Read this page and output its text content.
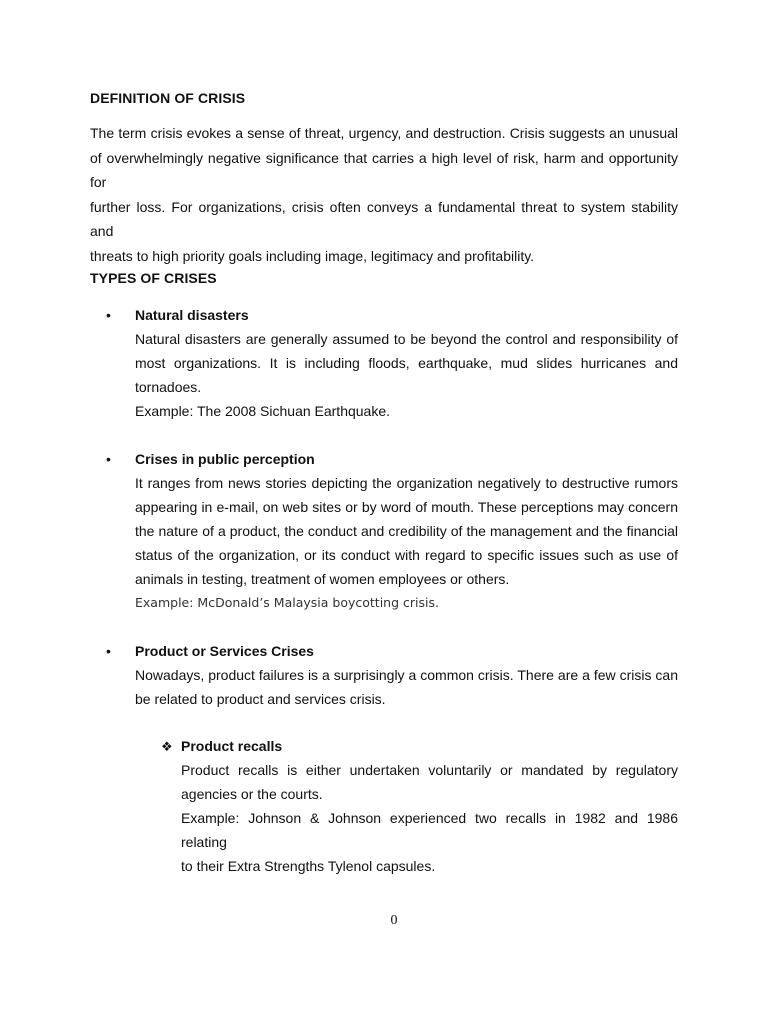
DEFINITION OF CRISIS
The term crisis evokes a sense of threat, urgency, and destruction. Crisis suggests an unusual
of overwhelmingly negative significance that carries a high level of risk, harm and opportunity for
further loss. For organizations, crisis often conveys a fundamental threat to system stability and
threats to high priority goals including image, legitimacy and profitability.
TYPES OF CRISES
• Natural disasters
Natural disasters are generally assumed to be beyond the control and responsibility of
most organizations. It is including floods, earthquake, mud slides hurricanes and
tornadoes.
Example: The 2008 Sichuan Earthquake.
• Crises in public perception
It ranges from news stories depicting the organization negatively to destructive rumors
appearing in e-mail, on web sites or by word of mouth. These perceptions may concern
the nature of a product, the conduct and credibility of the management and the financial
status of the organization, or its conduct with regard to specific issues such as use of
animals in testing, treatment of women employees or others.
Example: McDonald’s Malaysia boycotting crisis.
• Product or Services Crises
Nowadays, product failures is a surprisingly a common crisis. There are a few crisis can
be related to product and services crisis.
❖ Product recalls
Product recalls is either undertaken voluntarily or mandated by regulatory
agencies or the courts.
Example: Johnson & Johnson experienced two recalls in 1982 and 1986 relating
to their Extra Strengths Tylenol capsules.
0
